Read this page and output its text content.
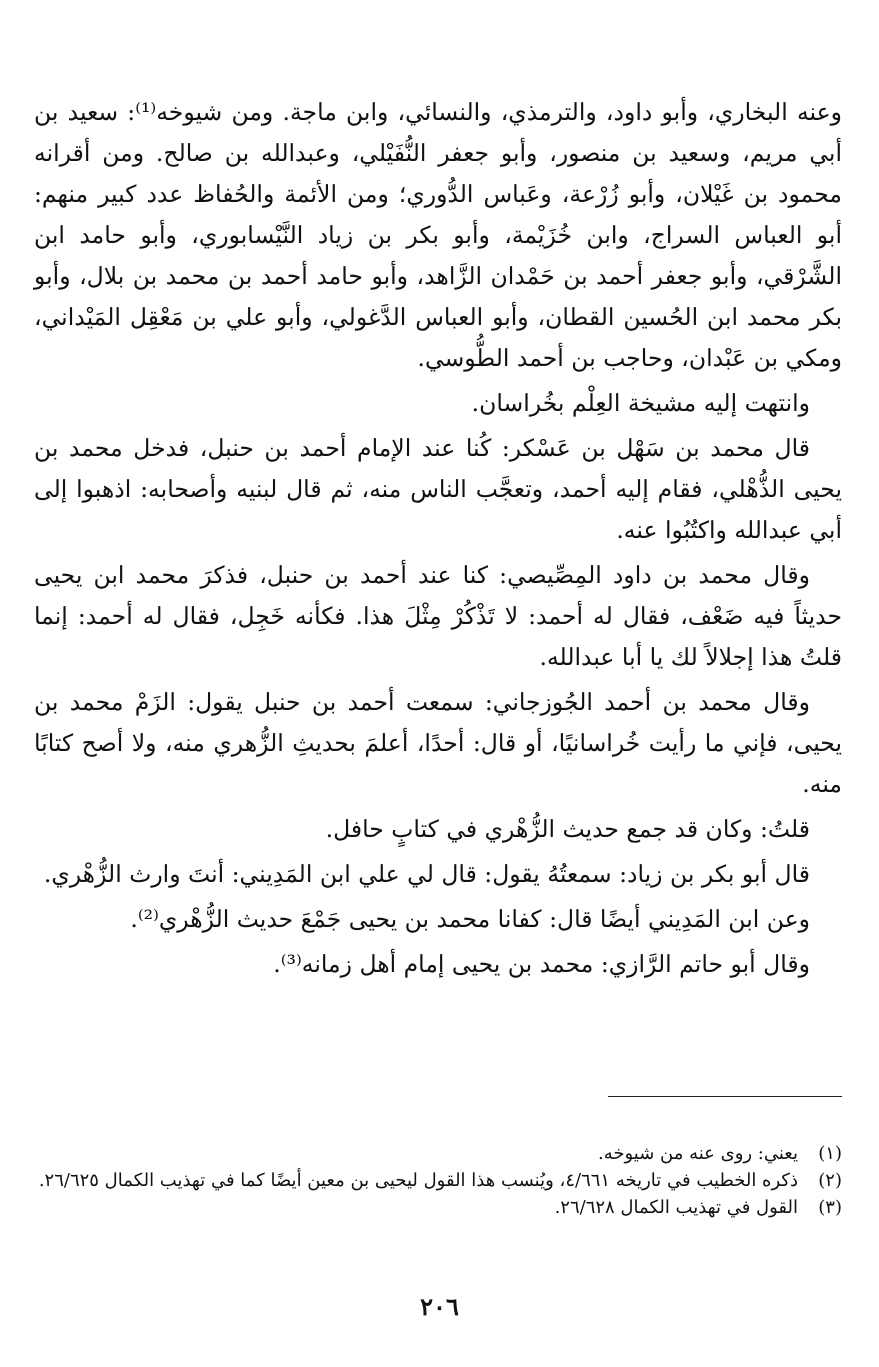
وعنه البخاري، وأبو داود، والترمذي، والنسائي، وابن ماجة. ومن شيوخه⁽¹⁾: سعيد بن أبي مريم، وسعيد بن منصور، وأبو جعفر النُّفَيْلي، وعبدالله بن صالح. ومن أقرانه محمود بن غَيْلان، وأبو زُرْعة، وعَباس الدُّوري؛ ومن الأئمة والحُفاظ عدد كبير منهم: أبو العباس السراج، وابن خُزَيْمة، وأبو بكر بن زياد النَّيْسابوري، وأبو حامد ابن الشَّرْقي، وأبو جعفر أحمد بن حَمْدان الزَّاهد، وأبو حامد أحمد بن محمد بن بلال، وأبو بكر محمد ابن الحُسين القطان، وأبو العباس الدَّغولي، وأبو علي بن مَعْقِل المَيْداني، ومكي بن عَبْدان، وحاجب بن أحمد الطُّوسي.

وانتهت إليه مشيخة العِلْم بخُراسان.

قال محمد بن سَهْل بن عَسْكر: كُنا عند الإمام أحمد بن حنبل، فدخل محمد بن يحيى الذُّهْلي، فقام إليه أحمد، وتعجَّب الناس منه، ثم قال لبنيه وأصحابه: اذهبوا إلى أبي عبدالله واكتُبُوا عنه.

وقال محمد بن داود المِصِّيصي: كنا عند أحمد بن حنبل، فذكرَ محمد ابن يحيى حديثاً فيه ضَعْف، فقال له أحمد: لا تَذْكُرْ مِثْلَ هذا. فكأنه خَجِل، فقال له أحمد: إنما قلتُ هذا إجلالاً لك يا أبا عبدالله.

وقال محمد بن أحمد الجُوزجاني: سمعت أحمد بن حنبل يقول: الزَمْ محمد بن يحيى، فإني ما رأيت خُراسانيًا، أو قال: أحدًا، أعلمَ بحديثِ الزُّهري منه، ولا أصح كتابًا منه.

قلتُ: وكان قد جمع حديث الزُّهْري في كتابٍ حافل.

قال أبو بكر بن زياد: سمعتُهُ يقول: قال لي علي ابن المَدِيني: أنتَ وارث الزُّهْري.

وعن ابن المَدِيني أيضًا قال: كفانا محمد بن يحيى جَمْعَ حديث الزُّهْري⁽²⁾.

وقال أبو حاتم الرَّازي: محمد بن يحيى إمام أهل زمانه⁽³⁾.

(١)
يعني: روى عنه من شيوخه.
(٢)
ذكره الخطيب في تاريخه ٤/٦٦١، ويُنسب هذا القول ليحيى بن معين أيضًا كما في تهذيب الكمال ٢٦/٦٢٥.
(٣)
القول في تهذيب الكمال ٢٦/٦٢٨.
٢٠٦
